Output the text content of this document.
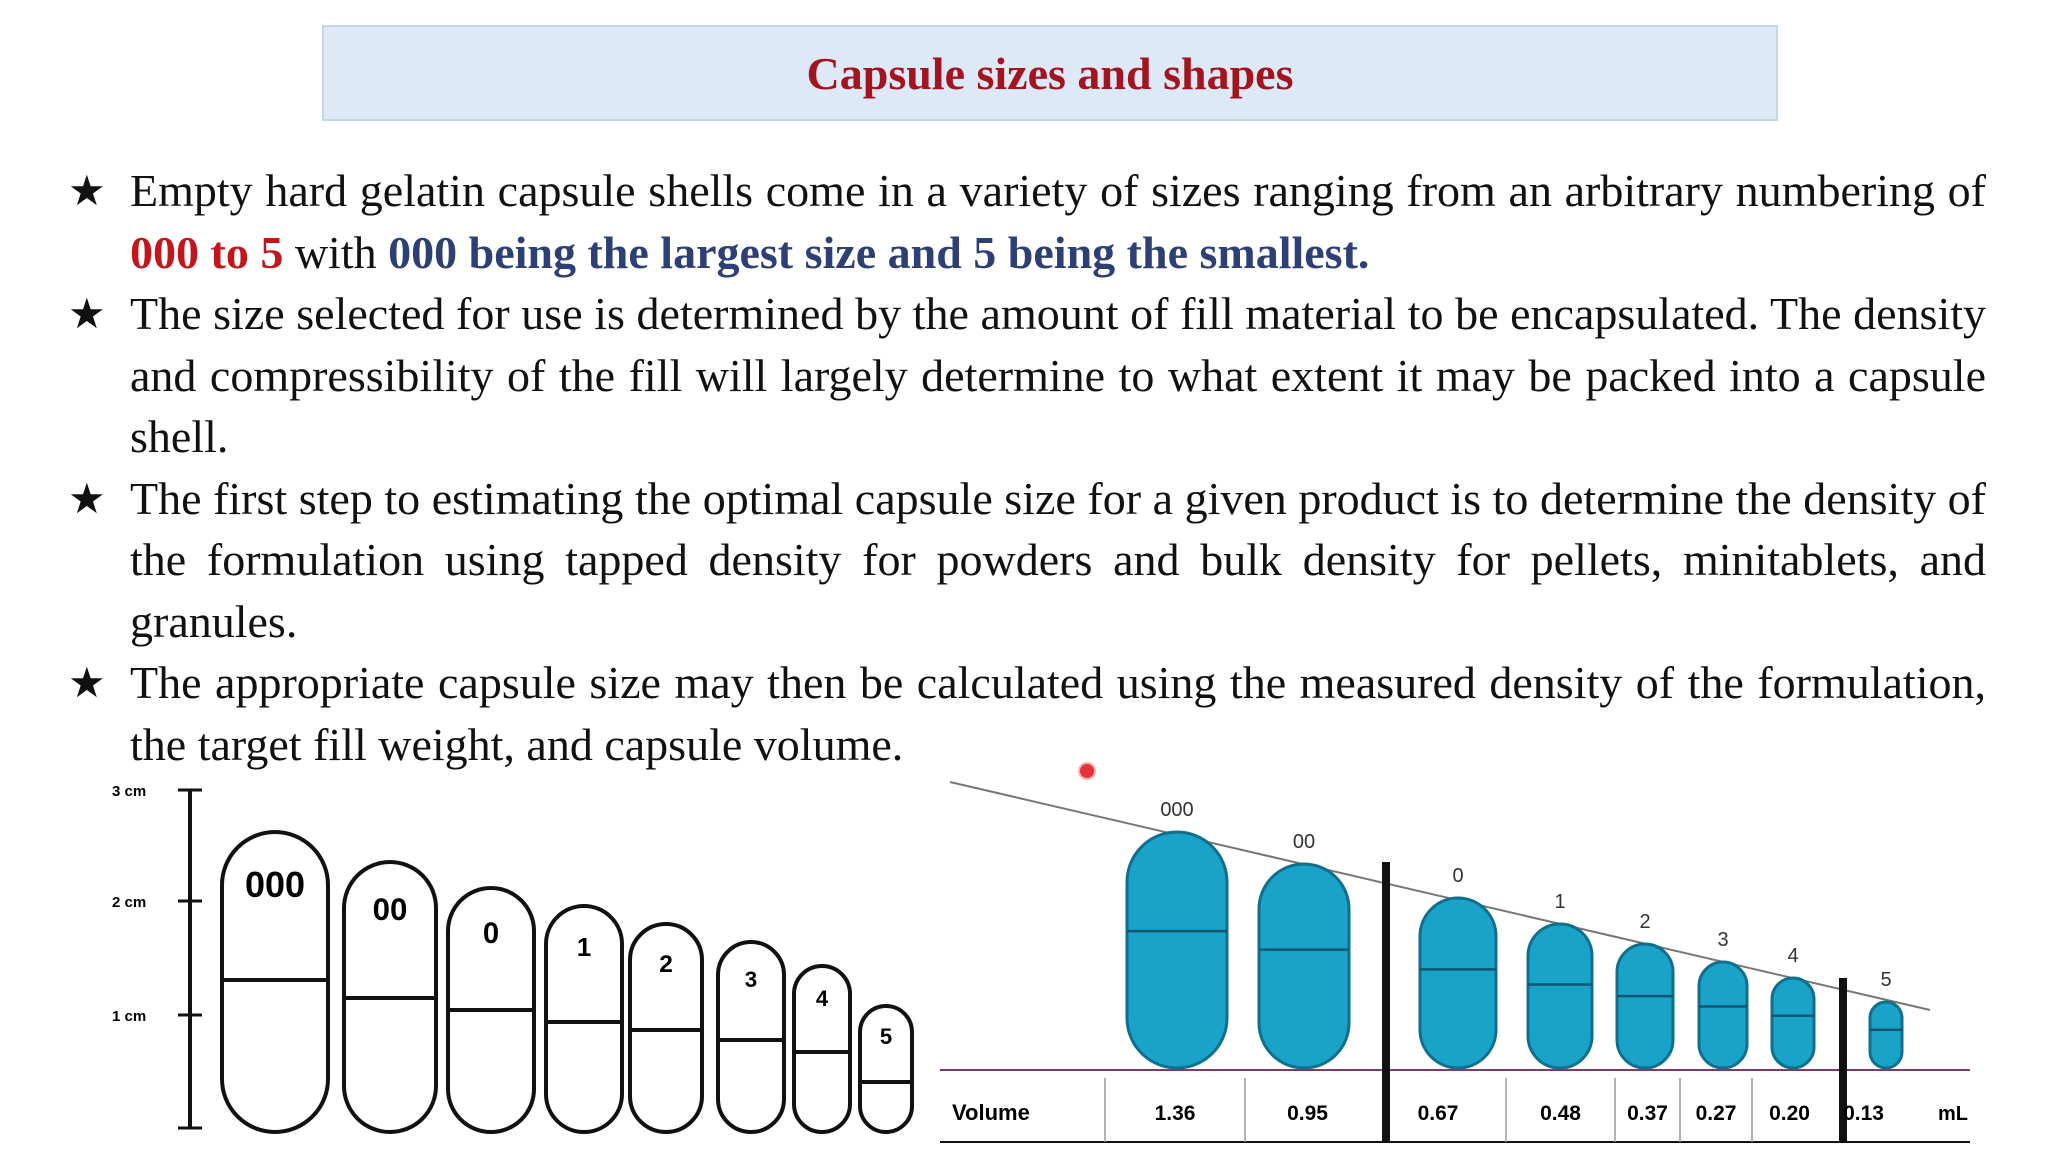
Capsule sizes and shapes
★ Empty hard gelatin capsule shells come in a variety of sizes ranging from an arbitrary numbering of 000 to 5 with 000 being the largest size and 5 being the smallest.
★ The size selected for use is determined by the amount of fill material to be encapsulated. The density and compressibility of the fill will largely determine to what extent it may be packed into a capsule shell.
★ The first step to estimating the optimal capsule size for a given product is to determine the density of the formulation using tapped density for powders and bulk density for pellets, minitablets, and granules.
★ The appropriate capsule size may then be calculated using the measured density of the formulation, the target fill weight, and capsule volume.
3 cm
2 cm
1 cm
000
00
0	1
2
3
4
5
Volume	mL
000
1.36
00
0.95
0
0.67
1
0.48
2
0.37
3
0.27
4
0.20
5
0.13
